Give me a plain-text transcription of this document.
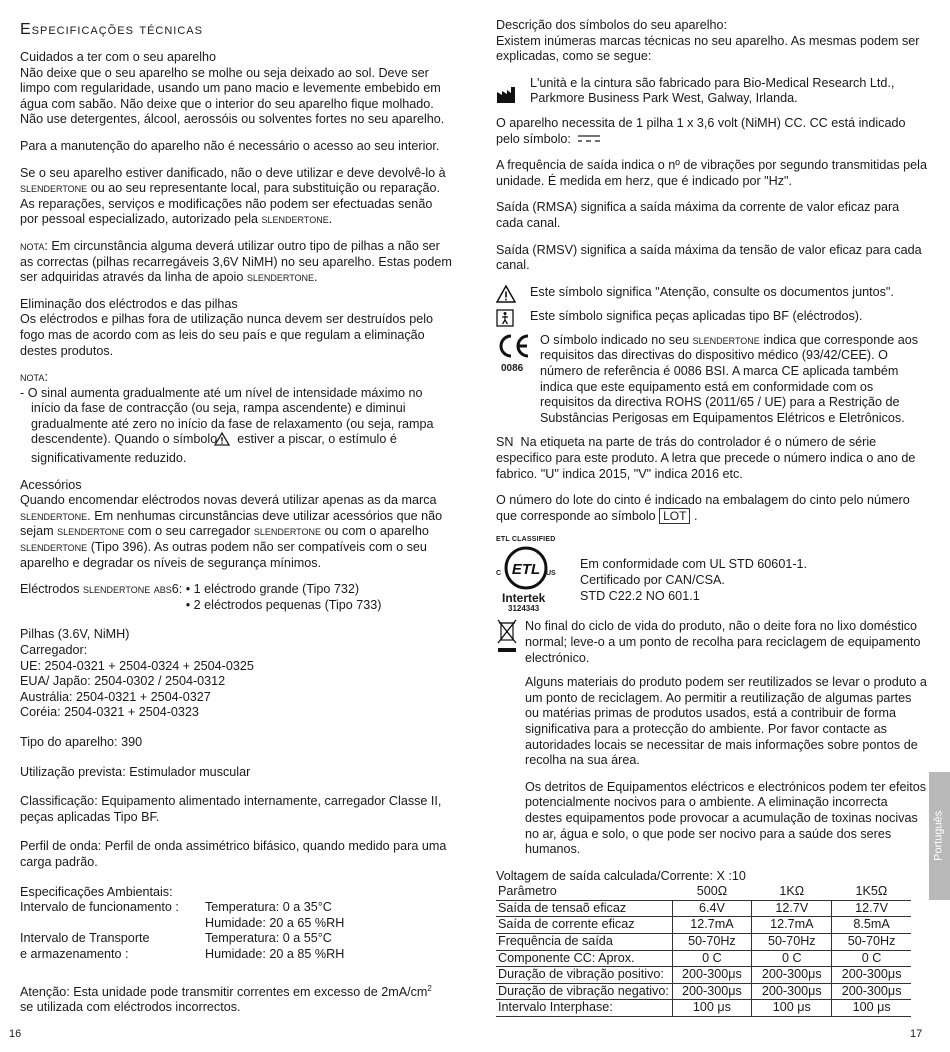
Especificações técnicas

Cuidados a ter com o seu aparelho

Não deixe que o seu aparelho se molhe ou seja deixado ao sol. Deve ser limpo com regularidade, usando um pano macio e levemente embebido em água com sabão. Não deixe que o interior do seu aparelho fique molhado. Não use detergentes, álcool, aerossóis ou solventes fortes no seu aparelho.

Para a manutenção do aparelho não é necessário o acesso ao seu interior.

Se o seu aparelho estiver danificado, não o deve utilizar e deve devolvê-lo à slendertone ou ao seu representante local, para substituição ou reparação. As reparações, serviços e modificações não podem ser efectuadas senão por pessoal especializado, autorizado pela slendertone.

nota: Em circunstância alguma deverá utilizar outro tipo de pilhas a não ser as correctas (pilhas recarregáveis 3,6V NiMH) no seu aparelho. Estas podem ser adquiridas através da linha de apoio slendertone.

Eliminação dos eléctrodos e das pilhas

Os eléctrodos e pilhas fora de utilização nunca devem ser destruídos pelo fogo mas de acordo com as leis do seu país e que regulam a eliminação destes produtos.

nota:

- O sinal aumenta gradualmente até um nível de intensidade máximo no início da fase de contracção (ou seja, rampa ascendente) e diminui gradualmente até zero no início da fase de relaxamento (ou seja, rampa descendente). Quando o símbolo estiver a piscar, o estímulo é significativamente reduzido.

Acessórios

Quando encomendar eléctrodos novas deverá utilizar apenas as da marca slendertone. Em nenhumas circunstâncias deve utilizar acessórios que não sejam slendertone com o seu carregador slendertone ou com o aparelho slendertone (Tipo 396). As outras podem não ser compatíveis com o seu aparelho e degradar os níveis de segurança mínimos.

Eléctrodos slendertone abs6: • 1 eléctrodo grande (Tipo 732)
• 2 eléctrodos pequenas (Tipo 733)

Pilhas (3.6V, NiMH)

Carregador:

UE: 2504-0321 + 2504-0324 + 2504-0325

EUA/ Japão: 2504-0302 / 2504-0312

Austrália: 2504-0321 + 2504-0327

Coréia: 2504-0321 + 2504-0323

Tipo do aparelho: 390

Utilização prevista: Estimulador muscular

Classificação: Equipamento alimentado internamente, carregador Classe II, peças aplicadas Tipo BF.

Perfil de onda: Perfil de onda assimétrico bifásico, quando medido para uma carga padrão.

Especificações Ambientais:

Intervalo de funcionamento :	Temperatura: 0 a 35°C
Humidade: 20 a 65 %RH
Intervalo de Transporte	Temperatura: 0 a 55°C
e armazenamento :	Humidade: 20 a 85 %RH

Atenção: Esta unidade pode transmitir correntes em excesso de $2mA/cm^2$
se utilizada com eléctrodos incorrectos.

16

Descrição dos símbolos do seu aparelho:

Existem inúmeras marcas técnicas no seu aparelho. As mesmas podem ser explicadas, como se segue:

L'unità e la cintura são fabricado para Bio-Medical Research Ltd., Parkmore Business Park West, Galway, Irlanda.

O aparelho necessita de 1 pilha 1 x 3,6 volt (NiMH) CC. CC está indicado pelo símbolo:

A frequência de saída indica o nº de vibrações por segundo transmitidas pela unidade. É medida em herz, que é indicado por "Hz".

Saída (RMSA) significa a saída máxima da corrente de valor eficaz para cada canal.

Saída (RMSV) significa a saída máxima da tensão de valor eficaz para cada canal.

Este símbolo significa "Atenção, consulte os documentos juntos".

Este símbolo significa peças aplicadas tipo BF (eléctrodos).

0086

O símbolo indicado no seu slendertone indica que corresponde aos requisitos das directivas do dispositivo médico (93/42/CEE). O número de referência é 0086 BSI. A marca CE aplicada também indica que este equipamento está em conformidade com os requisitos da directiva ROHS (2011/65 / UE) para a Restrição de Substâncias Perigosas em Equipamentos Elétricos e Eletrônicos.

SN Na etiqueta na parte de trás do controlador é o número de série especifico para este produto. A letra que precede o número indica o ano de fabrico. "U" indica 2015, "V" indica 2016 etc.

O número do lote do cinto é indicado na embalagem do cinto pelo número que corresponde ao símbolo LOT .

ETL CLASSIFIED
ETL
C	US
Intertek
3124343

Em conformidade com UL STD 60601-1.

Certificado por CAN/CSA.

STD C22.2 NO 601.1

No final do ciclo de vida do produto, não o deite fora no lixo doméstico normal; leve-o a um ponto de recolha para reciclagem de equipamento electrónico.

Alguns materiais do produto podem ser reutilizados se levar o produto a um ponto de reciclagem. Ao permitir a reutilização de algumas partes ou matérias primas de produtos usados, está a contribuir de forma significativa para a protecção do ambiente. Por favor contacte as autoridades locais se necessitar de mais informações sobre pontos de recolha na sua área.

Os detritos de Equipamentos eléctricos e electrónicos podem ter efeitos potencialmente nocivos para o ambiente. A eliminação incorrecta destes equipamentos pode provocar a acumulação de toxinas nocivas no ar, água e solo, o que pode ser nocivo para a saúde dos seres humanos.

Voltagem de saída calculada/Corrente: X :10

Parâmetro	500Ω	1KΩ	1K5Ω
Saída de tensaõ eficaz	6.4V	12.7V	12.7V
Saída de corrente eficaz	12.7mA	12.7mA	8.5mA
Frequência de saída	50-70Hz	50-70Hz	50-70Hz
Componente CC: Aprox.	0 C	0 C	0 C
Duração de vibração positivo:	200-300μs	200-300μs	200-300μs
Duração de vibração negativo:	200-300μs	200-300μs	200-300μs
Intervalo Interphase:	100 μs	100 μs	100 μs
17
Português
